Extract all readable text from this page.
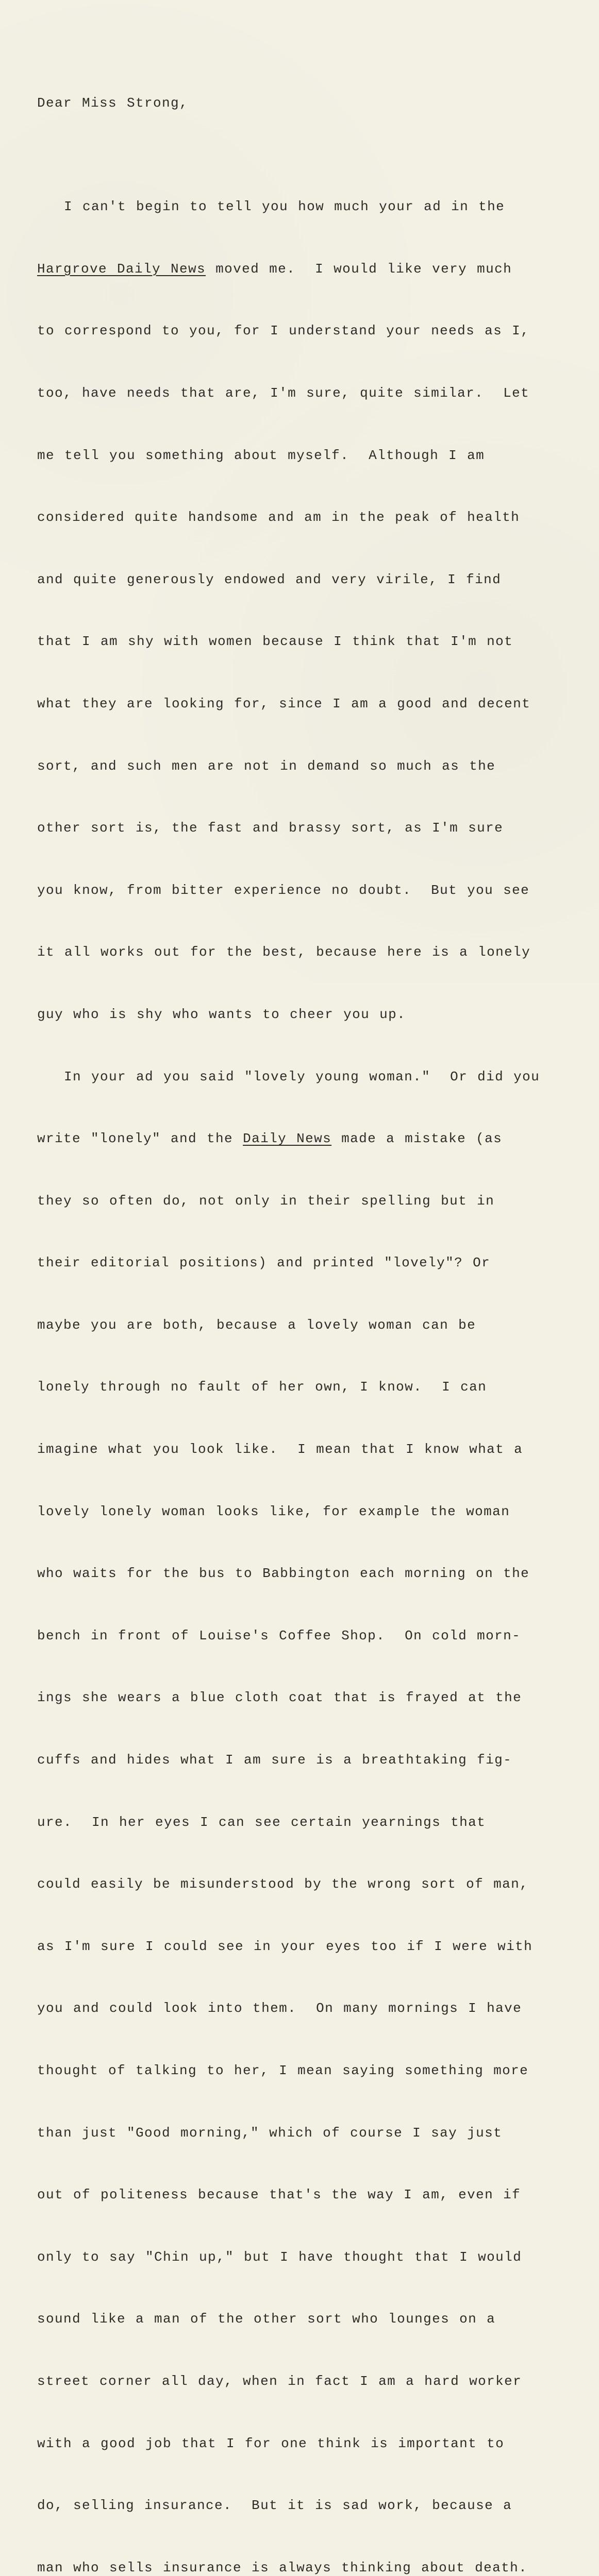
Dear Miss Strong,

I can't begin to tell you how much your ad in the

Hargrove Daily News moved me.  I would like very much

to correspond to you, for I understand your needs as I,

too, have needs that are, I'm sure, quite similar.  Let

me tell you something about myself.  Although I am

considered quite handsome and am in the peak of health

and quite generously endowed and very virile, I find

that I am shy with women because I think that I'm not

what they are looking for, since I am a good and decent

sort, and such men are not in demand so much as the

other sort is, the fast and brassy sort, as I'm sure

you know, from bitter experience no doubt.  But you see

it all works out for the best, because here is a lonely

guy who is shy who wants to cheer you up.

In your ad you said "lovely young woman."  Or did you

write "lonely" and the Daily News made a mistake (as

they so often do, not only in their spelling but in

their editorial positions) and printed "lovely"? Or

maybe you are both, because a lovely woman can be

lonely through no fault of her own, I know.  I can

imagine what you look like.  I mean that I know what a

lovely lonely woman looks like, for example the woman

who waits for the bus to Babbington each morning on the

bench in front of Louise's Coffee Shop.  On cold morn-

ings she wears a blue cloth coat that is frayed at the

cuffs and hides what I am sure is a breathtaking fig-

ure.  In her eyes I can see certain yearnings that

could easily be misunderstood by the wrong sort of man,

as I'm sure I could see in your eyes too if I were with

you and could look into them.  On many mornings I have

thought of talking to her, I mean saying something more

than just "Good morning," which of course I say just

out of politeness because that's the way I am, even if

only to say "Chin up," but I have thought that I would

sound like a man of the other sort who lounges on a

street corner all day, when in fact I am a hard worker

with a good job that I for one think is important to

do, selling insurance.  But it is sad work, because a

man who sells insurance is always thinking about death.
